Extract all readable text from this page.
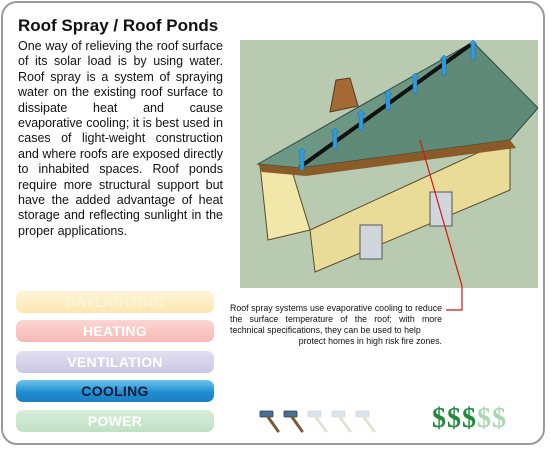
Roof Spray / Roof Ponds

One way of relieving the roof surface of its solar load is by using water. Roof spray is a system of spraying water on the existing roof surface to dissipate heat and cause evaporative cooling; it is best used in cases of light-weight construction and where roofs are exposed directly to inhabited spaces. Roof ponds require more structural support but have the added advantage of heat storage and reflecting sunlight in the proper applications.

DAYLIGHTING
HEATING
VENTILATION
COOLING
POWER

Roof spray systems use evaporative cooling to reduce the surface temperature of the roof; with more technical specifications, they can be used to help
protect homes in high risk fire zones.

$ $ $ $ $
